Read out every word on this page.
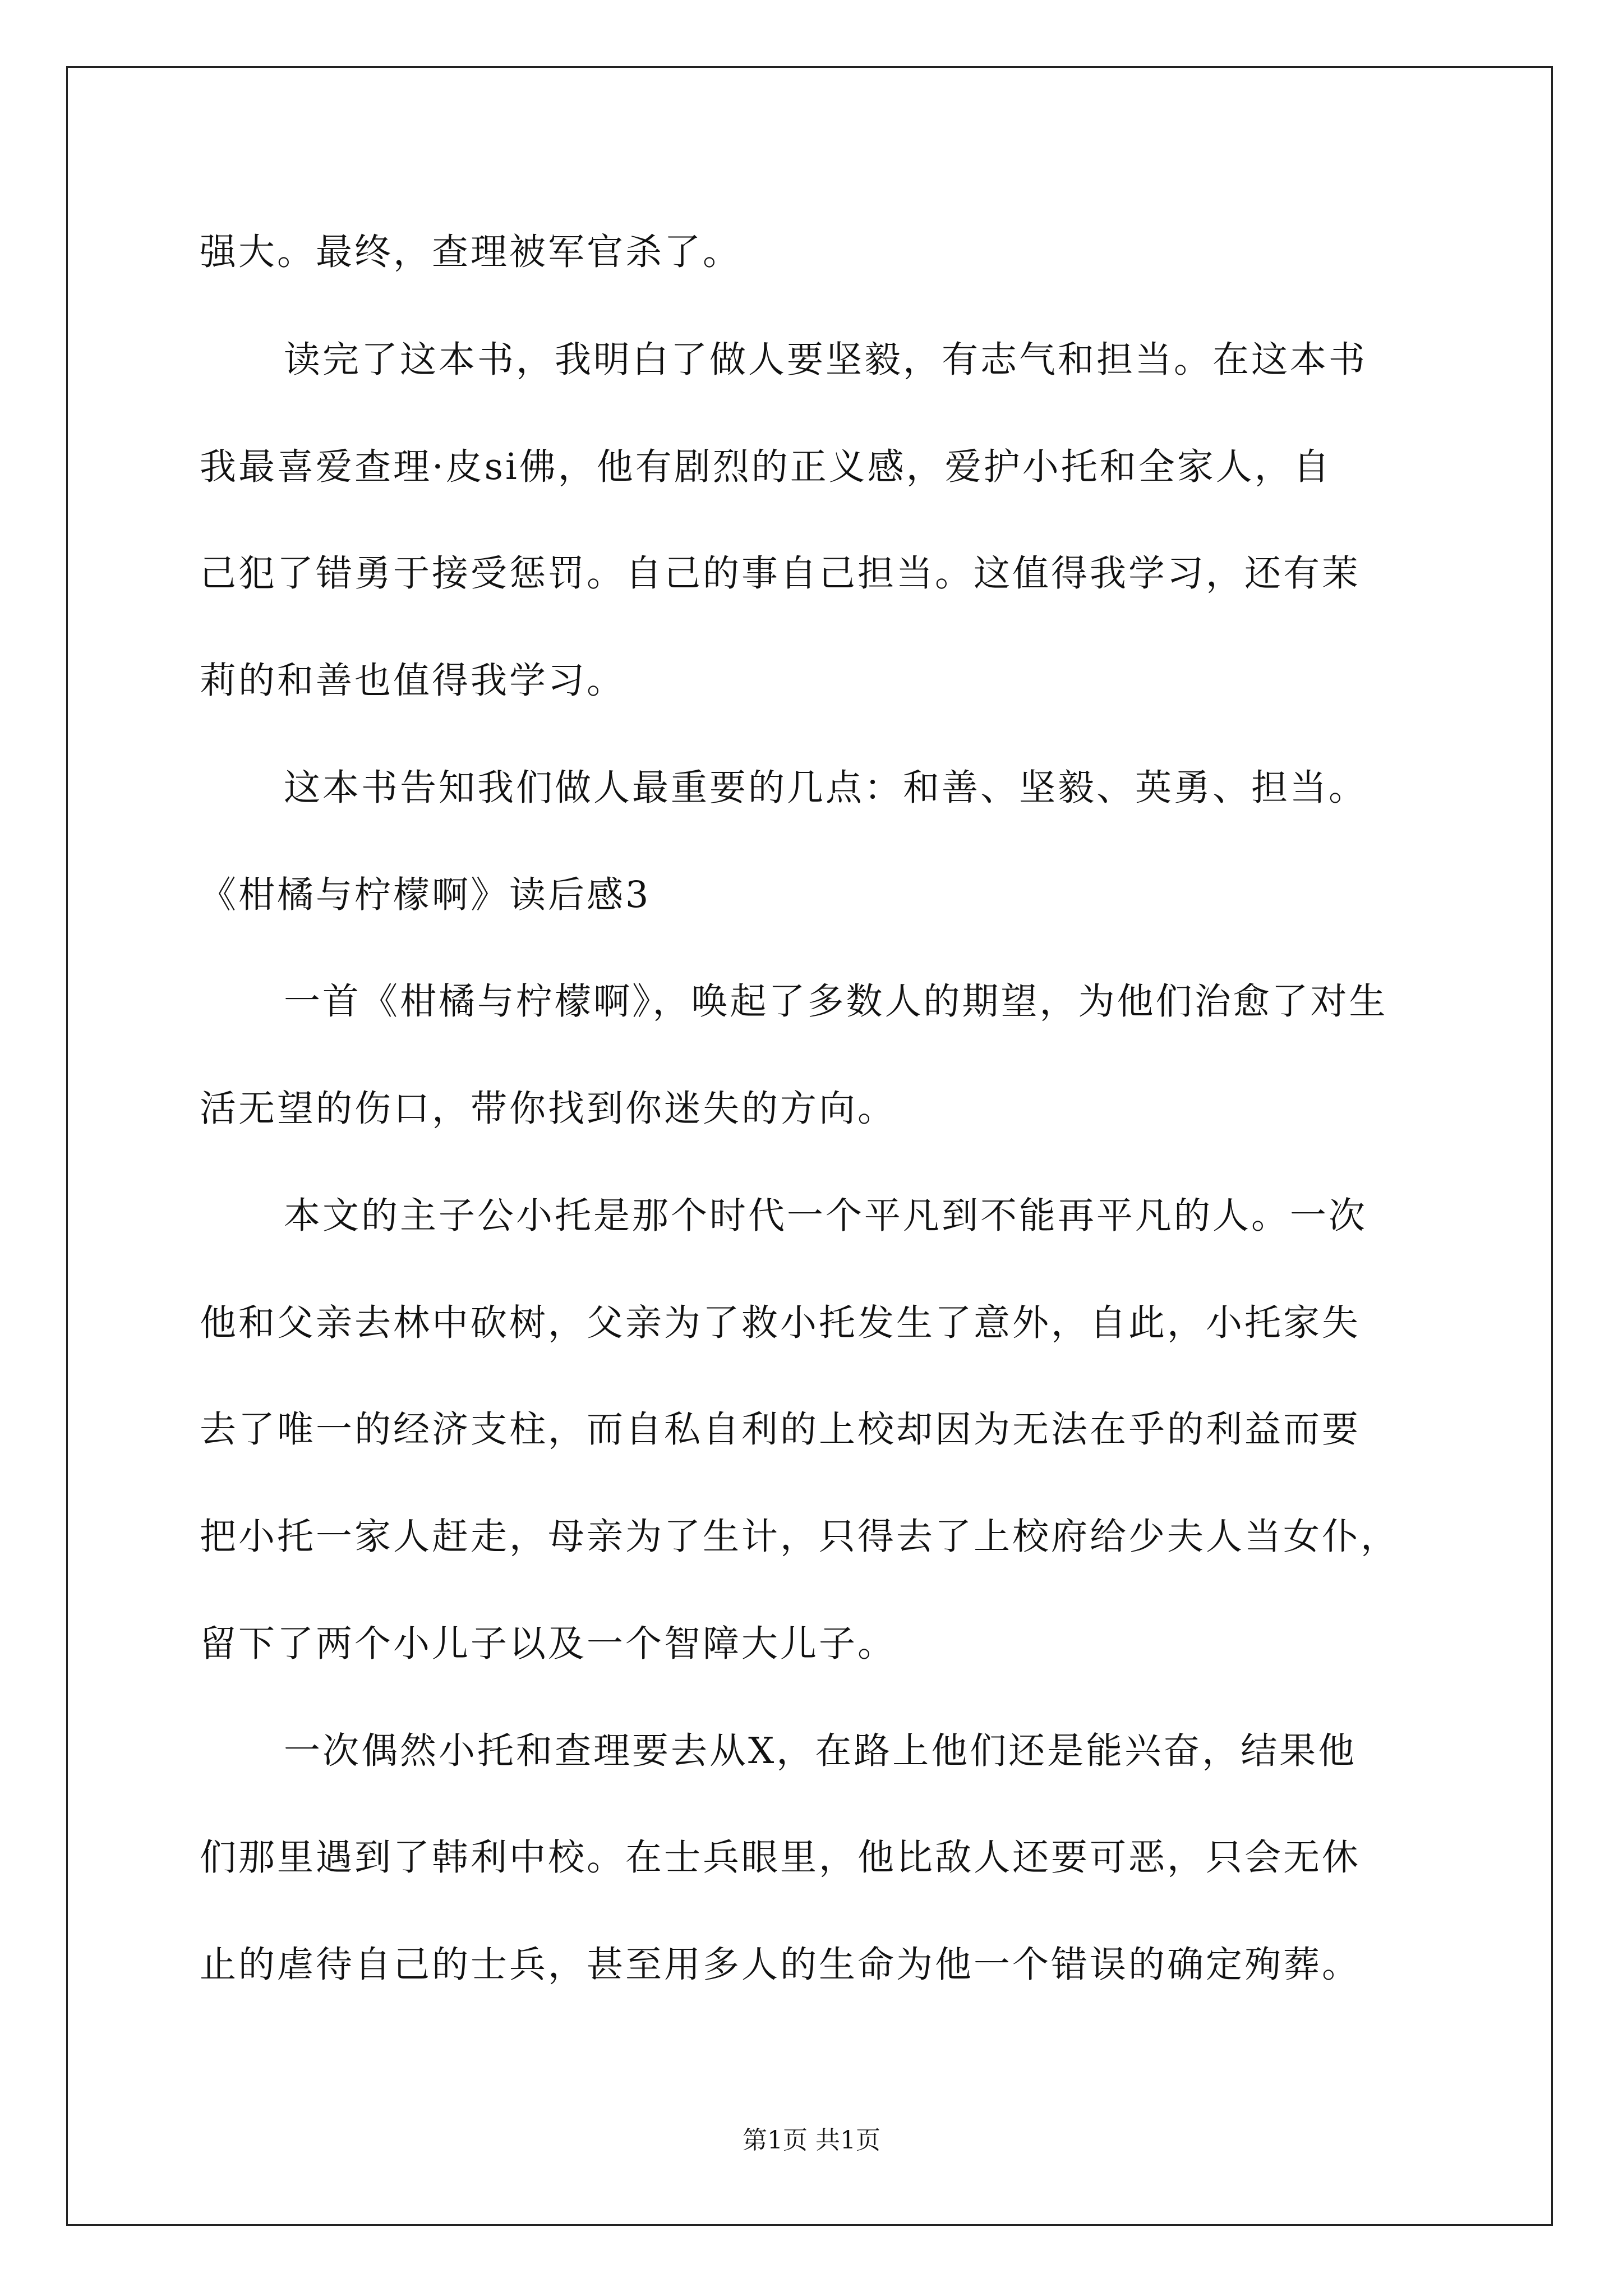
强大。最终，查理被军官杀了。
读完了这本书，我明白了做人要坚毅，有志气和担当。在这本书
我最喜爱查理·皮si佛，他有剧烈的正义感，爱护小托和全家人，自
己犯了错勇于接受惩罚。自己的事自己担当。这值得我学习，还有茉
莉的和善也值得我学习。
这本书告知我们做人最重要的几点：和善、坚毅、英勇、担当。
《柑橘与柠檬啊》读后感3
一首《柑橘与柠檬啊》，唤起了多数人的期望，为他们治愈了对生
活无望的伤口，带你找到你迷失的方向。
本文的主子公小托是那个时代一个平凡到不能再平凡的人。一次
他和父亲去林中砍树，父亲为了救小托发生了意外，自此，小托家失
去了唯一的经济支柱，而自私自利的上校却因为无法在乎的利益而要
把小托一家人赶走，母亲为了生计，只得去了上校府给少夫人当女仆，
留下了两个小儿子以及一个智障大儿子。
一次偶然小托和查理要去从X，在路上他们还是能兴奋，结果他
们那里遇到了韩利中校。在士兵眼里，他比敌人还要可恶，只会无休
止的虐待自己的士兵，甚至用多人的生命为他一个错误的确定殉葬。
第1页 共1页
